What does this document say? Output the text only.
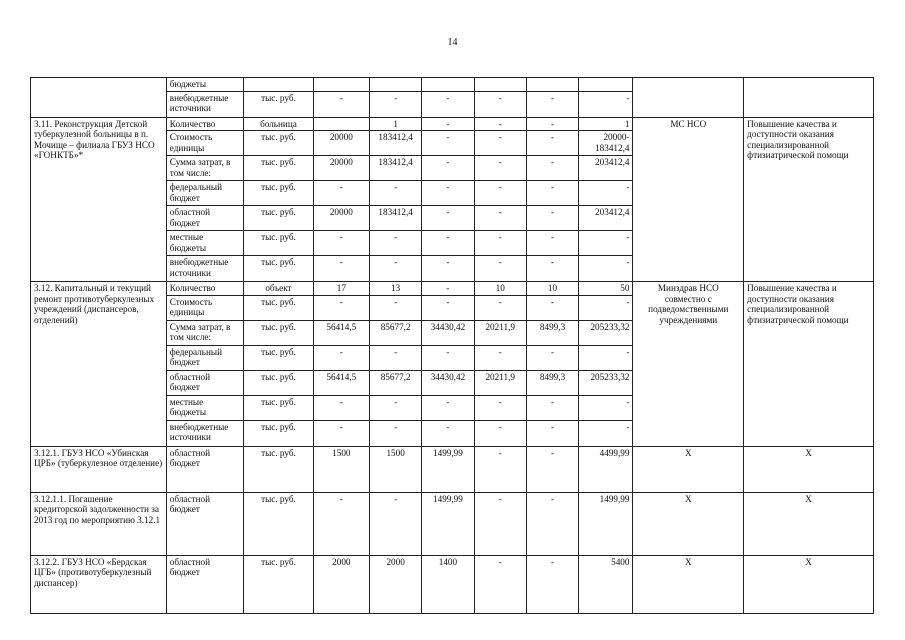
14
	бюджеты									
	внебюджетные источники	тыс. руб.	-	-	-	-	-	-		
3.11. Реконструкция Детской туберкулезной больницы в п. Мочище – филиала ГБУЗ НСО «ГОНКТБ»*	Количество	больница		1	-	-	-	1	МС НСО	Повышение качества и доступности оказания специализированной фтизиатрической помощи
	Стоимость единицы	тыс. руб.	20000	183412,4	-	-	-	20000-183412,4		
	Сумма затрат, в том числе:	тыс. руб.	20000	183412,4	-	-	-	203412,4		
	федеральный бюджет	тыс. руб.	-	-	-	-	-	-		
	областной бюджет	тыс. руб.	20000	183412,4	-	-	-	203412,4		
	местные бюджеты	тыс. руб.	-	-	-	-	-	-		
	внебюджетные источники	тыс. руб.	-	-	-	-	-	-		
3.12. Капитальный и текущий ремонт противотуберкулезных учреждений (диспансеров, отделений)	Количество	объект	17	13	-	10	10	50	Минздрав НСО совместно с подведомственными учреждениями	Повышение качества и доступности оказания специализированной фтизиатрической помощи
	Стоимость единицы	тыс. руб.	-	-	-	-	-	-		
	Сумма затрат, в том числе:	тыс. руб.	56414,5	85677,2	34430,42	20211,9	8499,3	205233,32		
	федеральный бюджет	тыс. руб.	-	-	-	-	-	-		
	областной бюджет	тыс. руб.	56414,5	85677,2	34430,42	20211,9	8499,3	205233,32		
	местные бюджеты	тыс. руб.	-	-	-	-	-	-		
	внебюджетные источники	тыс. руб.	-	-	-	-	-	-		
3.12.1. ГБУЗ НСО «Убинская ЦРБ» (туберкулезное отделение)	областной бюджет	тыс. руб.	1500	1500	1499,99	-	-	4499,99	X	X
3.12.1.1. Погашение кредиторской задолженности за 2013 год по мероприятию 3.12.1	областной бюджет	тыс. руб.	-	-	1499,99	-	-	1499,99	X	X
3.12.2. ГБУЗ НСО «Бердская ЦГБ» (противотуберкулезный диспансер)	областной бюджет	тыс. руб.	2000	2000	1400	-	-	5400	X	X
